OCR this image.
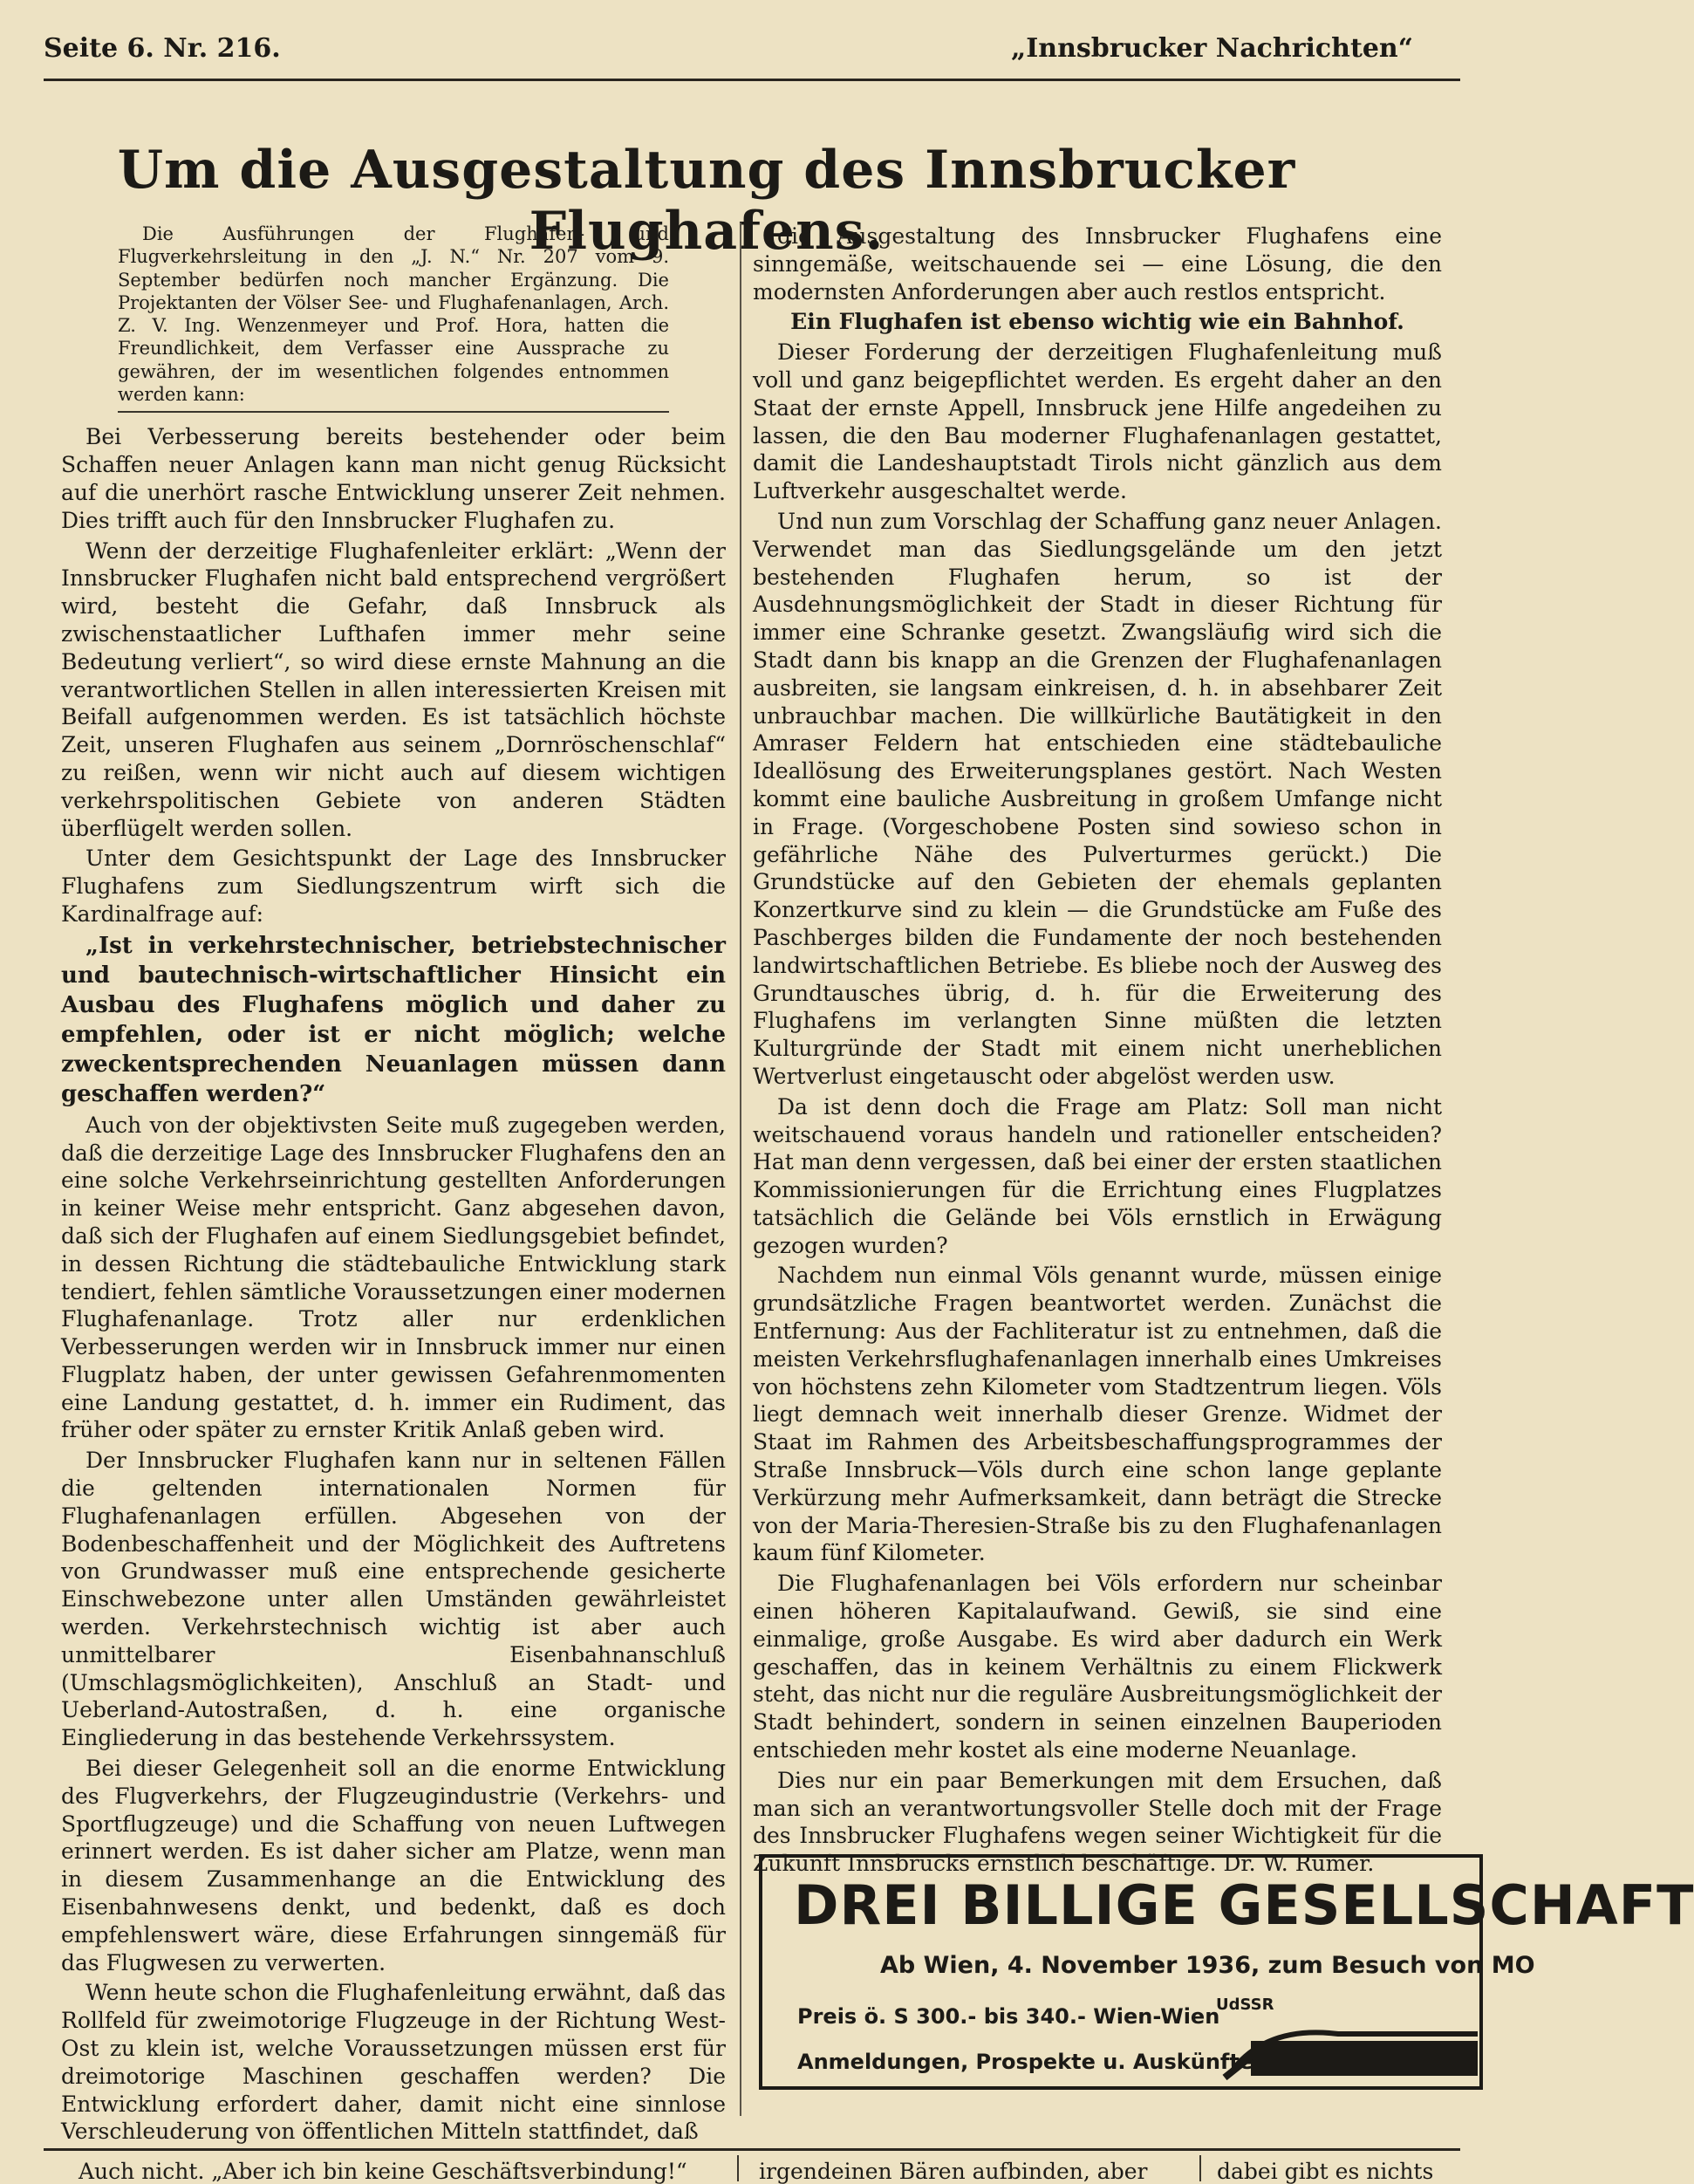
Seite 6. Nr. 216.	„Innsbrucker Nachrichten“
Um die Ausgestaltung des Innsbrucker Flughafens.

Die Ausführungen der Flughafen- und Flugverkehrsleitung in den „J. N.“ Nr. 207 vom 9. September bedürfen noch mancher Ergänzung. Die Projektanten der Völser See- und Flughafenanlagen, Arch. Z. V. Ing. Wenzenmeyer und Prof. Hora, hatten die Freundlichkeit, dem Verfasser eine Aussprache zu gewähren, der im wesentlichen folgendes entnommen werden kann:

Bei Verbesserung bereits bestehender oder beim Schaffen neuer Anlagen kann man nicht genug Rücksicht auf die unerhört rasche Entwicklung unserer Zeit nehmen. Dies trifft auch für den Innsbrucker Flughafen zu.

Wenn der derzeitige Flughafenleiter erklärt: „Wenn der Innsbrucker Flughafen nicht bald entsprechend vergrößert wird, besteht die Gefahr, daß Innsbruck als zwischenstaatlicher Lufthafen immer mehr seine Bedeutung verliert“, so wird diese ernste Mahnung an die verantwortlichen Stellen in allen interessierten Kreisen mit Beifall aufgenommen werden. Es ist tatsächlich höchste Zeit, unseren Flughafen aus seinem „Dornröschenschlaf“ zu reißen, wenn wir nicht auch auf diesem wichtigen verkehrspolitischen Gebiete von anderen Städten überflügelt werden sollen.

Unter dem Gesichtspunkt der Lage des Innsbrucker Flughafens zum Siedlungszentrum wirft sich die Kardinalfrage auf:

„Ist in verkehrstechnischer, betriebstechnischer und bautechnisch-wirtschaftlicher Hinsicht ein Ausbau des Flughafens möglich und daher zu empfehlen, oder ist er nicht möglich; welche zweckentsprechenden Neuanlagen müssen dann geschaffen werden?“

Auch von der objektivsten Seite muß zugegeben werden, daß die derzeitige Lage des Innsbrucker Flughafens den an eine solche Verkehrseinrichtung gestellten Anforderungen in keiner Weise mehr entspricht. Ganz abgesehen davon, daß sich der Flughafen auf einem Siedlungsgebiet befindet, in dessen Richtung die städtebauliche Entwicklung stark tendiert, fehlen sämtliche Voraussetzungen einer modernen Flughafenanlage. Trotz aller nur erdenklichen Verbesserungen werden wir in Innsbruck immer nur einen Flugplatz haben, der unter gewissen Gefahrenmomenten eine Landung gestattet, d. h. immer ein Rudiment, das früher oder später zu ernster Kritik Anlaß geben wird.

Der Innsbrucker Flughafen kann nur in seltenen Fällen die geltenden internationalen Normen für Flughafenanlagen erfüllen. Abgesehen von der Bodenbeschaffenheit und der Möglichkeit des Auftretens von Grundwasser muß eine entsprechende gesicherte Einschwebezone unter allen Umständen gewährleistet werden. Verkehrstechnisch wichtig ist aber auch unmittelbarer Eisenbahnanschluß (Umschlagsmöglichkeiten), Anschluß an Stadt- und Ueberland-Autostraßen, d. h. eine organische Eingliederung in das bestehende Verkehrssystem.

Bei dieser Gelegenheit soll an die enorme Entwicklung des Flugverkehrs, der Flugzeugindustrie (Verkehrs- und Sportflugzeuge) und die Schaffung von neuen Luftwegen erinnert werden. Es ist daher sicher am Platze, wenn man in diesem Zusammenhange an die Entwicklung des Eisenbahnwesens denkt, und bedenkt, daß es doch empfehlenswert wäre, diese Erfahrungen sinngemäß für das Flugwesen zu verwerten.

Wenn heute schon die Flughafenleitung erwähnt, daß das Rollfeld für zweimotorige Flugzeuge in der Richtung West-Ost zu klein ist, welche Voraussetzungen müssen erst für dreimotorige Maschinen geschaffen werden? Die Entwicklung erfordert daher, damit nicht eine sinnlose Verschleuderung von öffentlichen Mitteln stattfindet, daß

die Ausgestaltung des Innsbrucker Flughafens eine sinngemäße, weitschauende sei — eine Lösung, die den modernsten Anforderungen aber auch restlos entspricht.

Ein Flughafen ist ebenso wichtig wie ein Bahnhof.

Dieser Forderung der derzeitigen Flughafenleitung muß voll und ganz beigepflichtet werden. Es ergeht daher an den Staat der ernste Appell, Innsbruck jene Hilfe angedeihen zu lassen, die den Bau moderner Flughafenanlagen gestattet, damit die Landeshauptstadt Tirols nicht gänzlich aus dem Luftverkehr ausgeschaltet werde.

Und nun zum Vorschlag der Schaffung ganz neuer Anlagen. Verwendet man das Siedlungsgelände um den jetzt bestehenden Flughafen herum, so ist der Ausdehnungsmöglichkeit der Stadt in dieser Richtung für immer eine Schranke gesetzt. Zwangsläufig wird sich die Stadt dann bis knapp an die Grenzen der Flughafenanlagen ausbreiten, sie langsam einkreisen, d. h. in absehbarer Zeit unbrauchbar machen. Die willkürliche Bautätigkeit in den Amraser Feldern hat entschieden eine städtebauliche Ideallösung des Erweiterungsplanes gestört. Nach Westen kommt eine bauliche Ausbreitung in großem Umfange nicht in Frage. (Vorgeschobene Posten sind sowieso schon in gefährliche Nähe des Pulverturmes gerückt.) Die Grundstücke auf den Gebieten der ehemals geplanten Konzertkurve sind zu klein — die Grundstücke am Fuße des Paschberges bilden die Fundamente der noch bestehenden landwirtschaftlichen Betriebe. Es bliebe noch der Ausweg des Grundtausches übrig, d. h. für die Erweiterung des Flughafens im verlangten Sinne müßten die letzten Kulturgründe der Stadt mit einem nicht unerheblichen Wertverlust eingetauscht oder abgelöst werden usw.

Da ist denn doch die Frage am Platz: Soll man nicht weitschauend voraus handeln und rationeller entscheiden? Hat man denn vergessen, daß bei einer der ersten staatlichen Kommissionierungen für die Errichtung eines Flugplatzes tatsächlich die Gelände bei Völs ernstlich in Erwägung gezogen wurden?

Nachdem nun einmal Völs genannt wurde, müssen einige grundsätzliche Fragen beantwortet werden. Zunächst die Entfernung: Aus der Fachliteratur ist zu entnehmen, daß die meisten Verkehrsflughafenanlagen innerhalb eines Umkreises von höchstens zehn Kilometer vom Stadtzentrum liegen. Völs liegt demnach weit innerhalb dieser Grenze. Widmet der Staat im Rahmen des Arbeitsbeschaffungsprogrammes der Straße Innsbruck—Völs durch eine schon lange geplante Verkürzung mehr Aufmerksamkeit, dann beträgt die Strecke von der Maria-Theresien-Straße bis zu den Flughafenanlagen kaum fünf Kilometer.

Die Flughafenanlagen bei Völs erfordern nur scheinbar einen höheren Kapitalaufwand. Gewiß, sie sind eine einmalige, große Ausgabe. Es wird aber dadurch ein Werk geschaffen, das in keinem Verhältnis zu einem Flickwerk steht, das nicht nur die reguläre Ausbreitungsmöglichkeit der Stadt behindert, sondern in seinen einzelnen Bauperioden entschieden mehr kostet als eine moderne Neuanlage.

Dies nur ein paar Bemerkungen mit dem Ersuchen, daß man sich an verantwortungsvoller Stelle doch mit der Frage des Innsbrucker Flughafens wegen seiner Wichtigkeit für die Zukunft Innsbrucks ernstlich beschäftige. Dr. W. Rumer.

DREI BILLIGE GESELLSCHAFT
Ab Wien, 4. November 1936, zum Besuch von MO
Preis ö. S 300.- bis 340.- Wien-Wien
UdSSR
Anmeldungen, Prospekte u. Auskünfte:
Auch nicht. „Aber ich bin keine Geschäftsverbindung!“	irgendeinen Bären aufbinden, aber	dabei gibt es nichts
